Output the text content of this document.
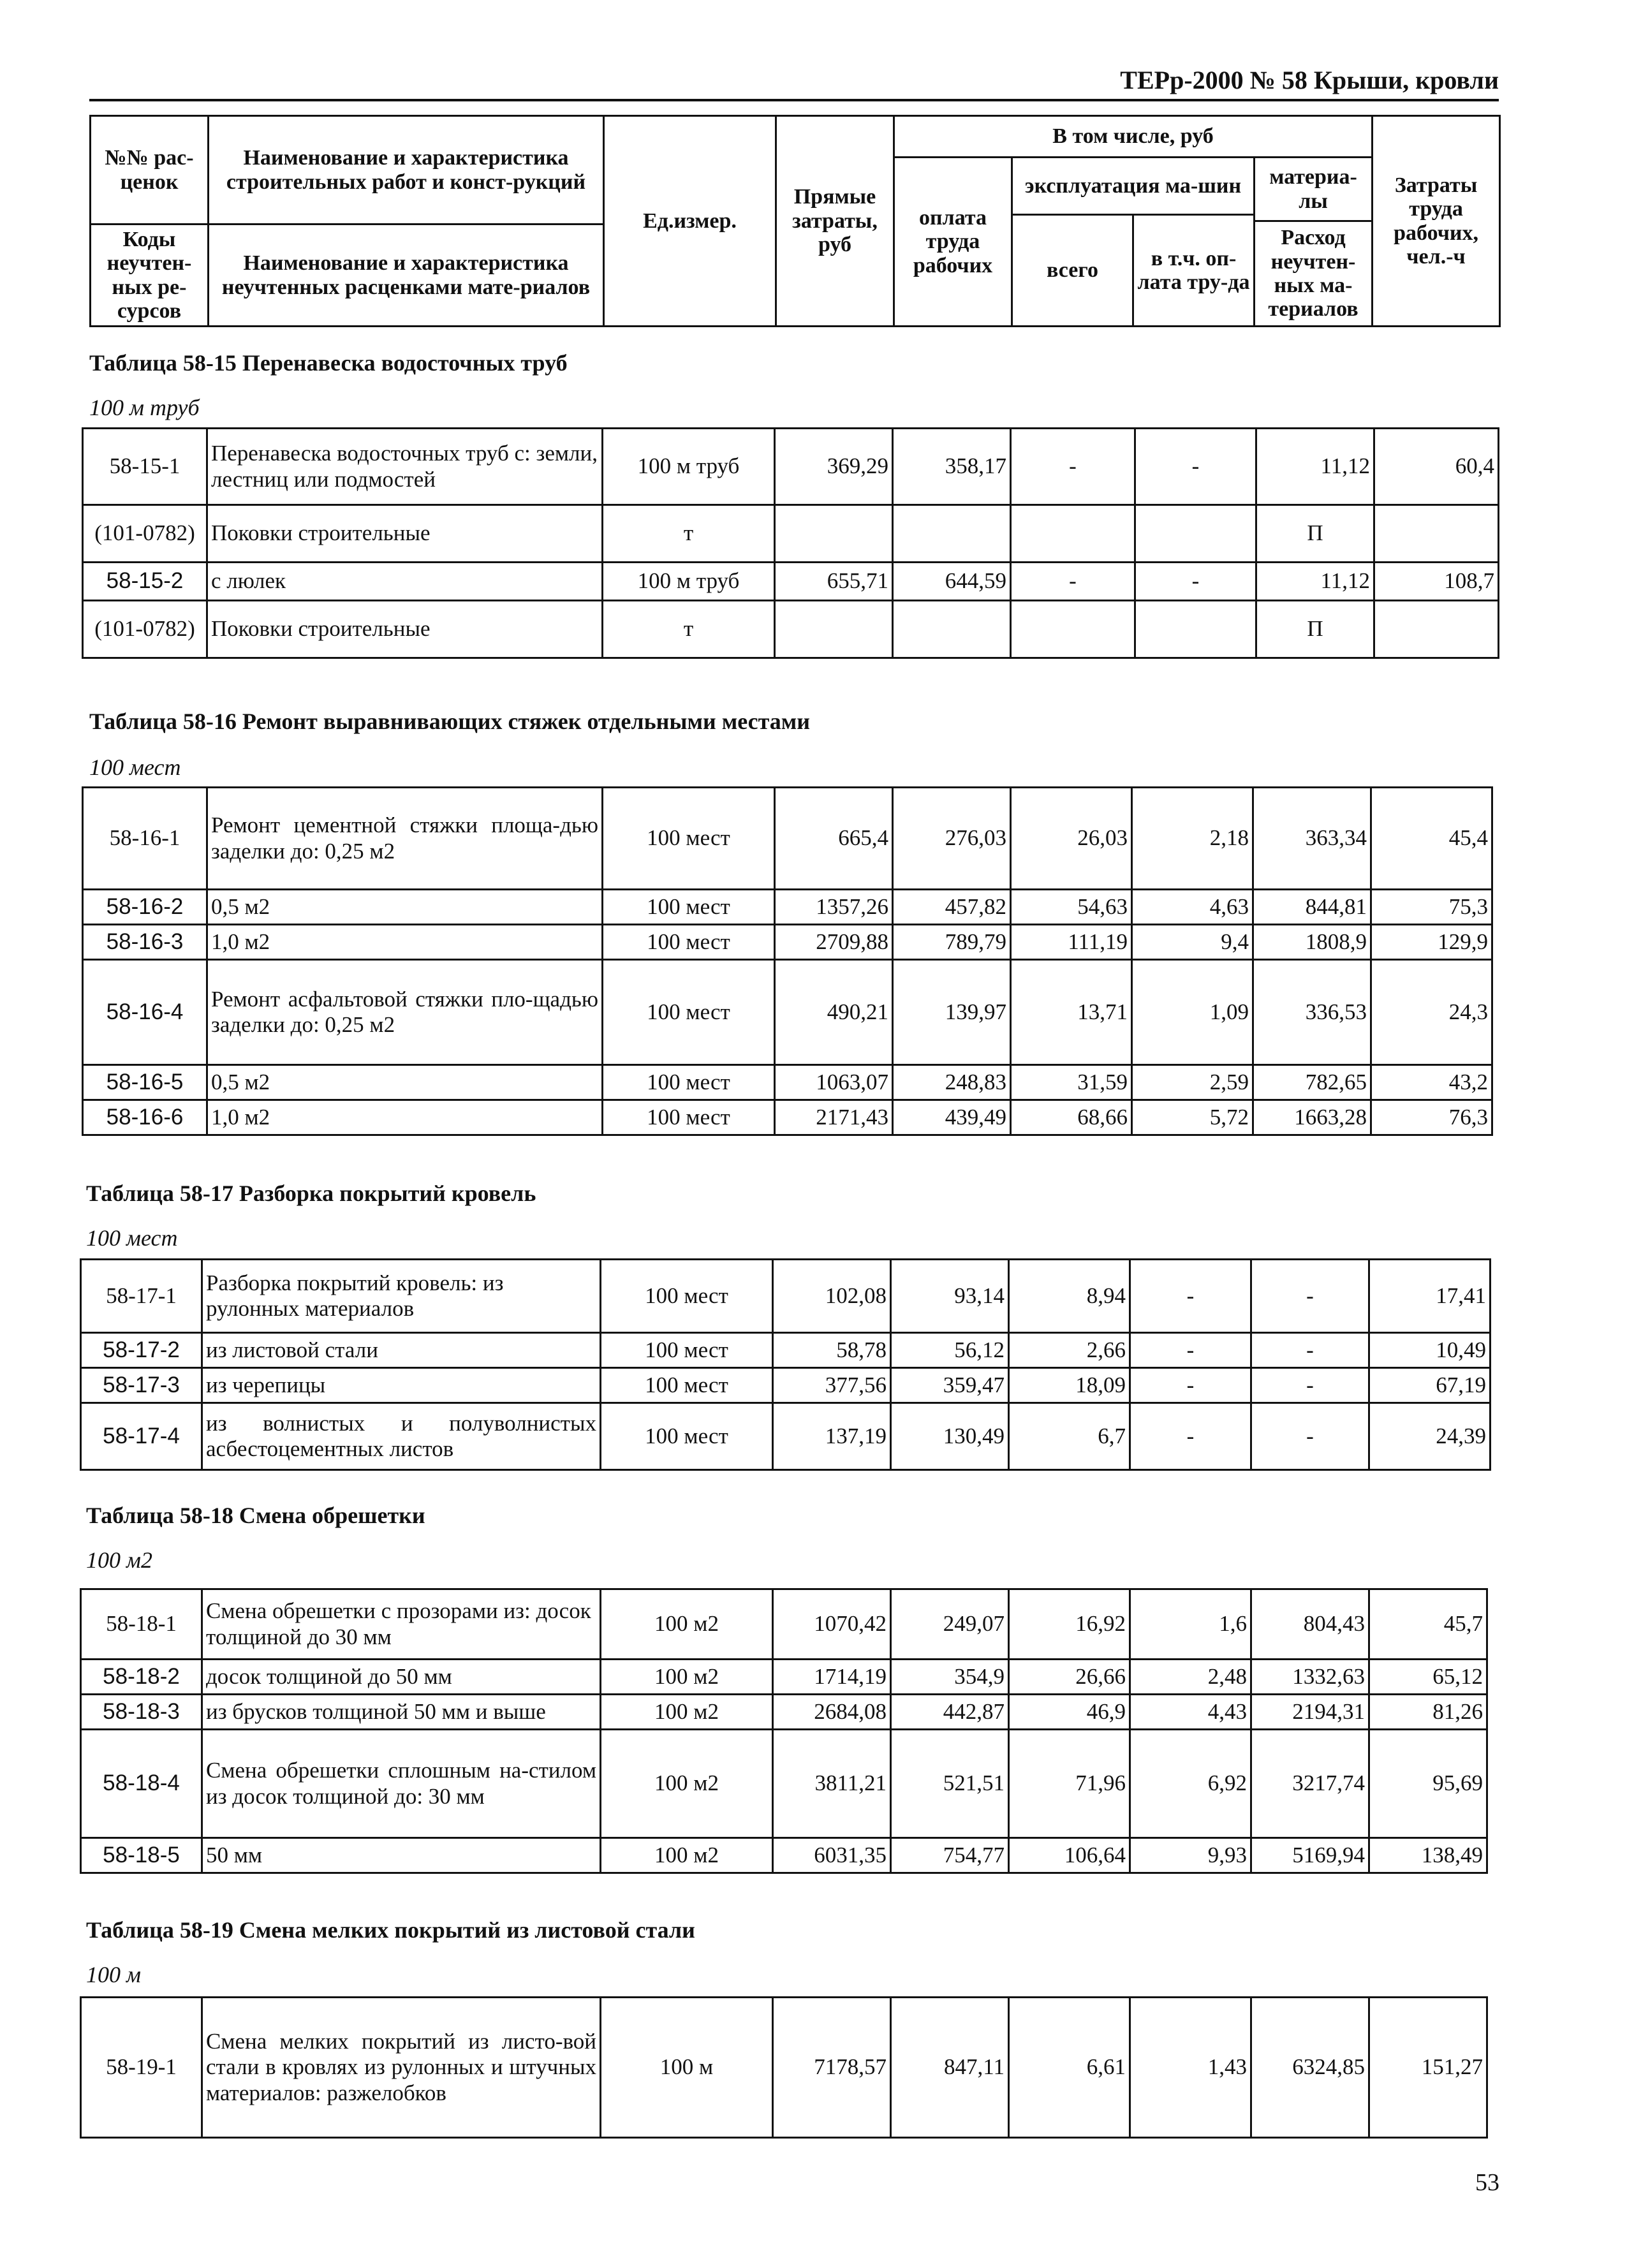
ТЕРр-2000 № 58 Крыши, кровли
№№ рас-ценок	Наименование и характеристика строительных работ и конст-рукций	Ед.измер.	Прямые затраты, руб	В том числе, руб				Затраты труда рабочих, чел.-ч
				оплата труда рабочих	эксплуатация ма-шин		материа-лы	
					всего	в т.ч. оп-лата тру-да		
							Расход неучтен-ных ма-териалов	
Коды неучтен-ных ре-сурсов	Наименование и характеристика неучтенных расценками мате-риалов							

Таблица 58-15 Перенавеска водосточных труб
100 м труб
58-15-1	Перенавеска водосточных труб с: земли, лестниц или подмостей	100 м труб	369,29	358,17	-	-	11,12	60,4
(101-0782)	Поковки строительные	т					П	
58-15-2	с люлек	100 м труб	655,71	644,59	-	-	11,12	108,7
(101-0782)	Поковки строительные	т					П	
Таблица 58-16 Ремонт выравнивающих стяжек отдельными местами
100 мест
58-16-1	Ремонт цементной стяжки площа-дью заделки до: 0,25 м2	100 мест	665,4	276,03	26,03	2,18	363,34	45,4
58-16-2	0,5 м2	100 мест	1357,26	457,82	54,63	4,63	844,81	75,3
58-16-3	1,0 м2	100 мест	2709,88	789,79	111,19	9,4	1808,9	129,9
58-16-4	Ремонт асфальтовой стяжки пло-щадью заделки до: 0,25 м2	100 мест	490,21	139,97	13,71	1,09	336,53	24,3
58-16-5	0,5 м2	100 мест	1063,07	248,83	31,59	2,59	782,65	43,2
58-16-6	1,0 м2	100 мест	2171,43	439,49	68,66	5,72	1663,28	76,3
Таблица 58-17 Разборка покрытий кровель
100 мест
58-17-1	Разборка покрытий кровель: из рулонных материалов	100 мест	102,08	93,14	8,94	-	-	17,41
58-17-2	из листовой стали	100 мест	58,78	56,12	2,66	-	-	10,49
58-17-3	из черепицы	100 мест	377,56	359,47	18,09	-	-	67,19
58-17-4	из волнистых и полуволнистых асбестоцементных листов	100 мест	137,19	130,49	6,7	-	-	24,39
Таблица 58-18 Смена обрешетки
100 м2
58-18-1	Смена обрешетки с прозорами из: досок толщиной до 30 мм	100 м2	1070,42	249,07	16,92	1,6	804,43	45,7
58-18-2	досок толщиной до 50 мм	100 м2	1714,19	354,9	26,66	2,48	1332,63	65,12
58-18-3	из брусков толщиной 50 мм и выше	100 м2	2684,08	442,87	46,9	4,43	2194,31	81,26
58-18-4	Смена обрешетки сплошным на-стилом из досок толщиной до: 30 мм	100 м2	3811,21	521,51	71,96	6,92	3217,74	95,69
58-18-5	50 мм	100 м2	6031,35	754,77	106,64	9,93	5169,94	138,49
Таблица 58-19 Смена мелких покрытий из листовой стали
100 м
58-19-1	Смена мелких покрытий из листо-вой стали в кровлях из рулонных и штучных материалов: разжелобков	100 м	7178,57	847,11	6,61	1,43	6324,85	151,27
53
